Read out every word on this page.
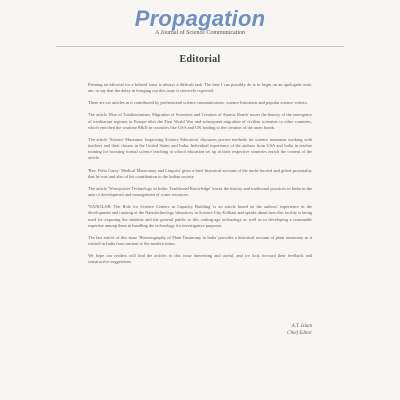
Propagation
A Journal of Science Communication
Editorial

Penning an editorial for a belated issue is always a difficult task. The best I can possibly do is to begin on an apologetic note, are, to say that the delay in bringing out this issue is sincerely regretted.

There are six articles in it contributed by professional science communicators, science historians and popular science writers.

The article 'Rise of Totalitarianism, Migration of Scientists and Creation of Atomic Bomb' traces the history of the emergence of totalitarian regimes in Europe after the First World War and subsequent migration of civilian scientists to other countries, which enriched the wartime R&D in countries like USA and UK leading to the creation of the atom bomb.

The article 'Science Museums: Improving Science Education' discusses proven methods for science museums working with teachers and their classes in the United States and India. Individual experience of the authors from USA and India in teacher training for boosting formal science teaching in school education set up in their respective countries enrich the content of the article.

'Rev. Felix Carey: Medical Missionary and Linguist' gives a brief historical account of the multi-faceted and gifted personality that he was and also of his contribution to the Indian society.

The article 'Waterpower Technology in India: Traditional Knowledge' traces the history and traditional practices in India in the area of development and management of water resources.

'NANOLAB: The Role for Science Centers in Capacity Building' is an article based on the authors' experience in the development and running of the Nanotechnology laboratory in Science City Kolkata and speaks about how this facility is being used for exposing the students and the general public to this cutting-age technology as well as in developing a reasonable expertise among them in handling the technology for investigative purposes.

The last article of this issue 'Historiography of Plant Taxonomy in India' provides a historical account of plant taxonomy as it existed in India from ancient to the modern times.

We hope our readers will find the articles in this issue interesting and useful, and we look forward their feedback and constructive suggestions.

A.T. Islam
Chief Editor
